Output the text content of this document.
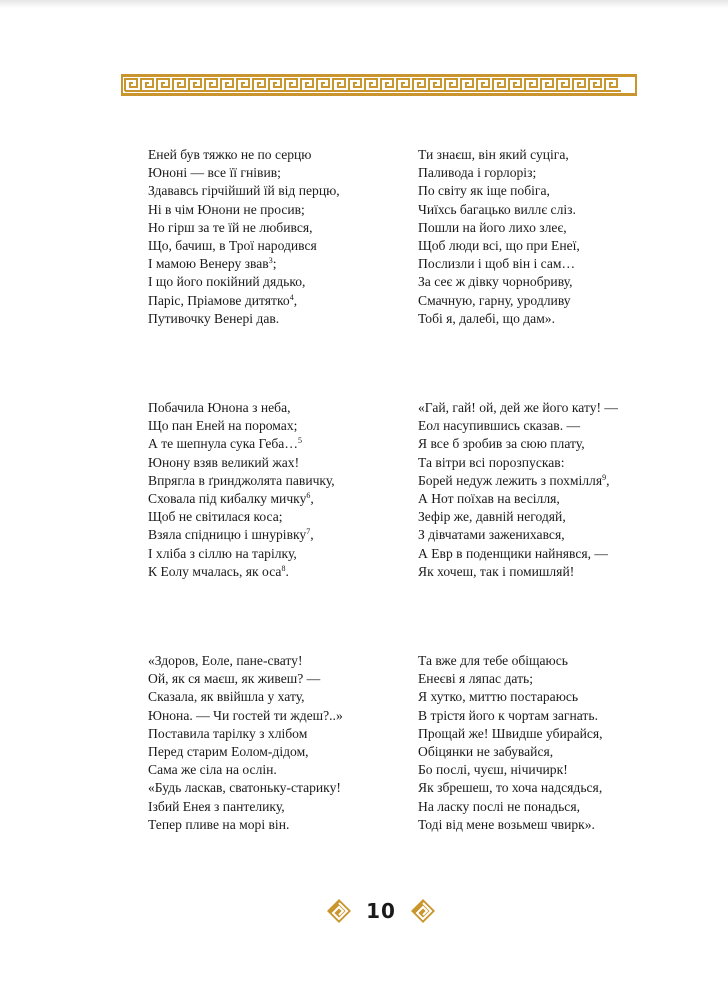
Еней був тяжко не по серцю
Юноні — все її гнівив;
Здававсь гірчійший їй від перцю,
Ні в чім Юнони не просив;
Но гірш за те їй не любився,
Що, бачиш, в Трої народився
І мамою Венеру звав$^3$;
І що його покійний дядько,
Паріс, Пріамове дитятко$^4$,
Путивочку Венері дав.
Ти знаєш, він який суціга,
Паливода і горлоріз;
По світу як іще побіга,
Чиїхсь багацько виллє сліз.
Пошли на його лихо злеє,
Щоб люди всі, що при Енеї,
Послизли і щоб він і сам…
За сеє ж дівку чорнобриву,
Смачную, гарну, уродливу
Тобі я, далебі, що дам».
Побачила Юнона з неба,
Що пан Еней на поромах;
А те шепнула сука Геба…$^5$
Юнону взяв великий жах!
Впрягла в ґринджолята павичку,
Сховала під кибалку мичку$^6$,
Щоб не світилася коса;
Взяла спідницю і шнурівку$^7$,
І хліба з сіллю на тарілку,
К Еолу мчалась, як оса$^8$.
«Гай, гай! ой, дей же його кату! —
Еол насупившись сказав. —
Я все б зробив за сюю плату,
Та вітри всі порозпускав:
Борей недуж лежить з похмілля$^9$,
А Нот поїхав на весілля,
Зефір же, давній негодяй,
З дівчатами заженихався,
А Евр в поденщики найнявся, —
Як хочеш, так і помишляй!
«Здоров, Еоле, пане-свату!
Ой, як ся маєш, як живеш? —
Сказала, як ввійшла у хату,
Юнона. — Чи гостей ти ждеш?..»
Поставила тарілку з хлібом
Перед старим Еолом-дідом,
Сама же сіла на ослін.
«Будь ласкав, сватоньку-старику!
Ізбий Енея з пантелику,
Тепер пливе на морі він.
Та вже для тебе обіщаюсь
Енеєві я ляпас дать;
Я хутко, миттю постараюсь
В трістя його к чортам загнать.
Прощай же! Швидше убирайся,
Обіцянки не забувайся,
Бо послі, чуєш, нічичирк!
Як збрешеш, то хоча надсядься,
На ласку послі не понадься,
Тоді від мене возьмеш чвирк».
10
